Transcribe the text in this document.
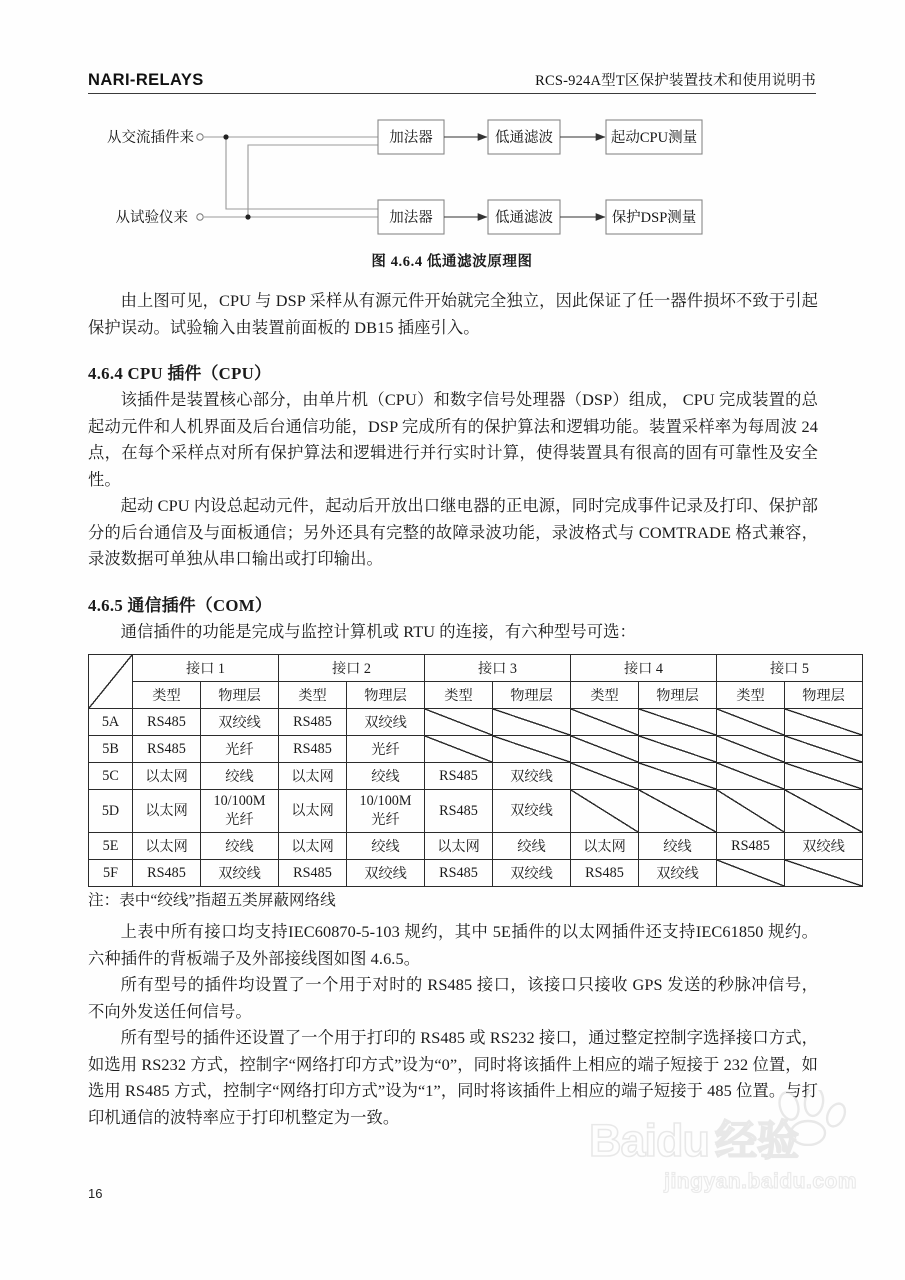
NARI-RELAYS	RCS-924A型T区保护装置技术和使用说明书
加法器	低通滤波	起动CPU测量
加法器	低通滤波	保护DSP测量
从交流插件来
从试验仪来
图 4.6.4 低通滤波原理图

由上图可见，CPU 与 DSP 采样从有源元件开始就完全独立，因此保证了任一器件损坏不致于引起保护误动。试验输入由装置前面板的 DB15 插座引入。

4.6.4 CPU 插件（CPU）

该插件是装置核心部分，由单片机（CPU）和数字信号处理器（DSP）组成， CPU 完成装置的总起动元件和人机界面及后台通信功能，DSP 完成所有的保护算法和逻辑功能。装置采样率为每周波 24 点，在每个采样点对所有保护算法和逻辑进行并行实时计算，使得装置具有很高的固有可靠性及安全性。

起动 CPU 内设总起动元件，起动后开放出口继电器的正电源，同时完成事件记录及打印、保护部分的后台通信及与面板通信；另外还具有完整的故障录波功能，录波格式与 COMTRADE 格式兼容，录波数据可单独从串口输出或打印输出。

4.6.5 通信插件（COM）

通信插件的功能是完成与监控计算机或 RTU 的连接，有六种型号可选：

	接口 1		接口 2		接口 3		接口 4		接口 5	
	类型	物理层	类型	物理层	类型	物理层	类型	物理层	类型	物理层
5A	RS485	双绞线	RS485	双绞线						
5B	RS485	光纤	RS485	光纤						
5C	以太网	绞线	以太网	绞线	RS485	双绞线				
5D	以太网	10/100M
光纤	以太网	10/100M
光纤	RS485	双绞线				
5E	以太网	绞线	以太网	绞线	以太网	绞线	以太网	绞线	RS485	双绞线
5F	RS485	双绞线	RS485	双绞线	RS485	双绞线	RS485	双绞线		

注：表中“绞线”指超五类屏蔽网络线

上表中所有接口均支持IEC60870-5-103 规约，其中 5E插件的以太网插件还支持IEC61850 规约。六种插件的背板端子及外部接线图如图 4.6.5。

所有型号的插件均设置了一个用于对时的 RS485 接口，该接口只接收 GPS 发送的秒脉冲信号，不向外发送任何信号。

所有型号的插件还设置了一个用于打印的 RS485 或 RS232 接口，通过整定控制字选择接口方式，如选用 RS232 方式，控制字“网络打印方式”设为“0”，同时将该插件上相应的端子短接于 232 位置，如选用 RS485 方式，控制字“网络打印方式”设为“1”，同时将该插件上相应的端子短接于 485 位置。与打印机通信的波特率应于打印机整定为一致。

16
Baidu 经验
jingyan.baidu.com
